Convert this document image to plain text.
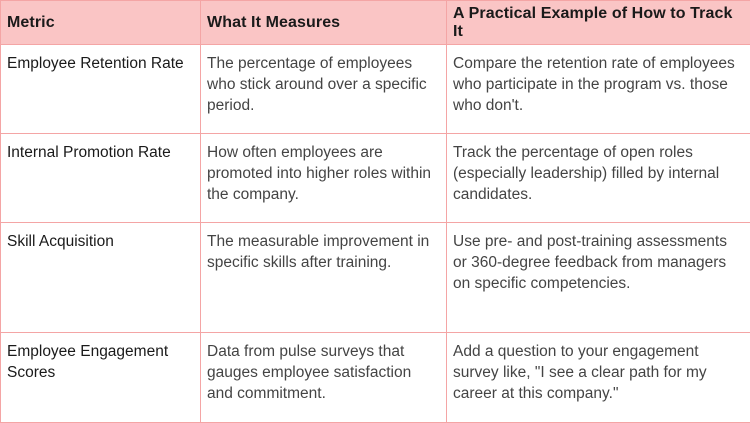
Metric	What It Measures	A Practical Example of How to Track It
Employee Retention Rate	The percentage of employees who stick around over a specific period.	Compare the retention rate of employees who participate in the program vs. those who don't.
Internal Promotion Rate	How often employees are promoted into higher roles within the company.	Track the percentage of open roles (especially leadership) filled by internal candidates.
Skill Acquisition	The measurable improvement in specific skills after training.	Use pre- and post-training assessments or 360-degree feedback from managers on specific competencies.
Employee Engagement Scores	Data from pulse surveys that gauges employee satisfaction and commitment.	Add a question to your engagement survey like, "I see a clear path for my career at this company."
